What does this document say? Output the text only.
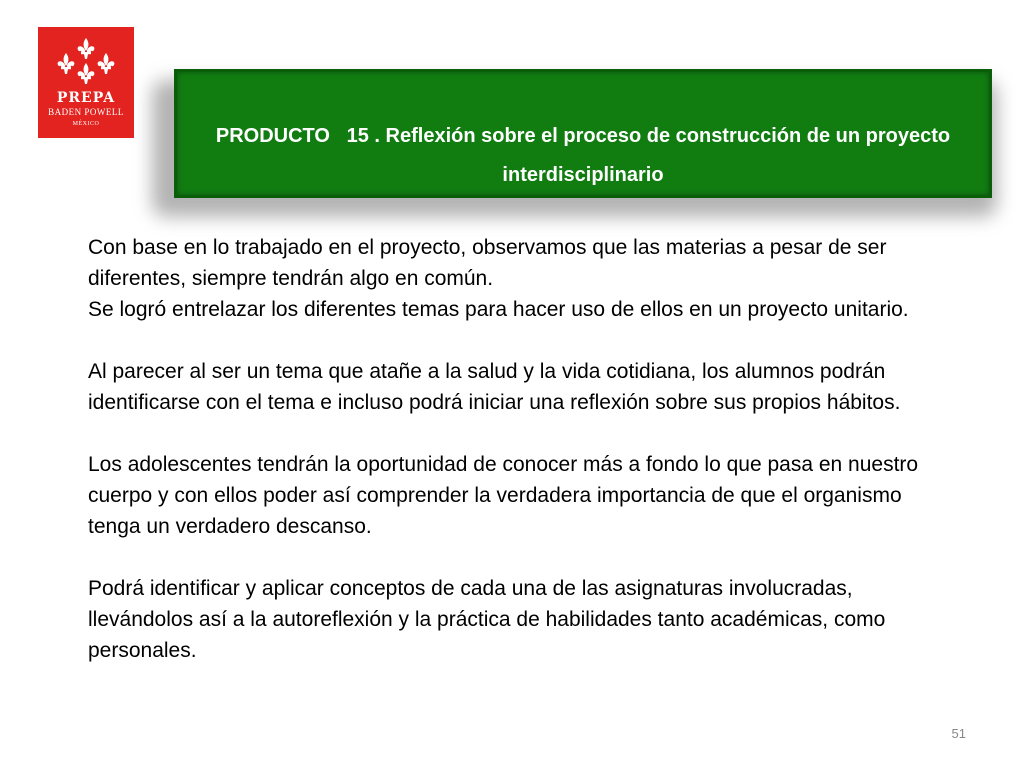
PREPA
BADEN POWELL
MÉXICO
PRODUCTO   15 . Reflexión sobre el proceso de construcción de un proyecto
interdisciplinario

Con base en lo trabajado en el proyecto, observamos que las materias a pesar de ser diferentes, siempre tendrán algo en común.

Se logró entrelazar los diferentes temas para hacer uso de ellos en un proyecto unitario.

Al parecer al ser un tema que atañe a la salud y la vida cotidiana, los alumnos podrán identificarse con el tema e incluso podrá iniciar una reflexión sobre sus propios hábitos.

Los adolescentes tendrán la oportunidad de conocer más a fondo lo que pasa en nuestro cuerpo y con ellos poder así comprender la verdadera importancia de que el organismo tenga un verdadero descanso.

Podrá identificar y aplicar conceptos de cada una de las asignaturas involucradas, llevándolos así a la autoreflexión y la práctica de habilidades tanto académicas, como personales.

51
